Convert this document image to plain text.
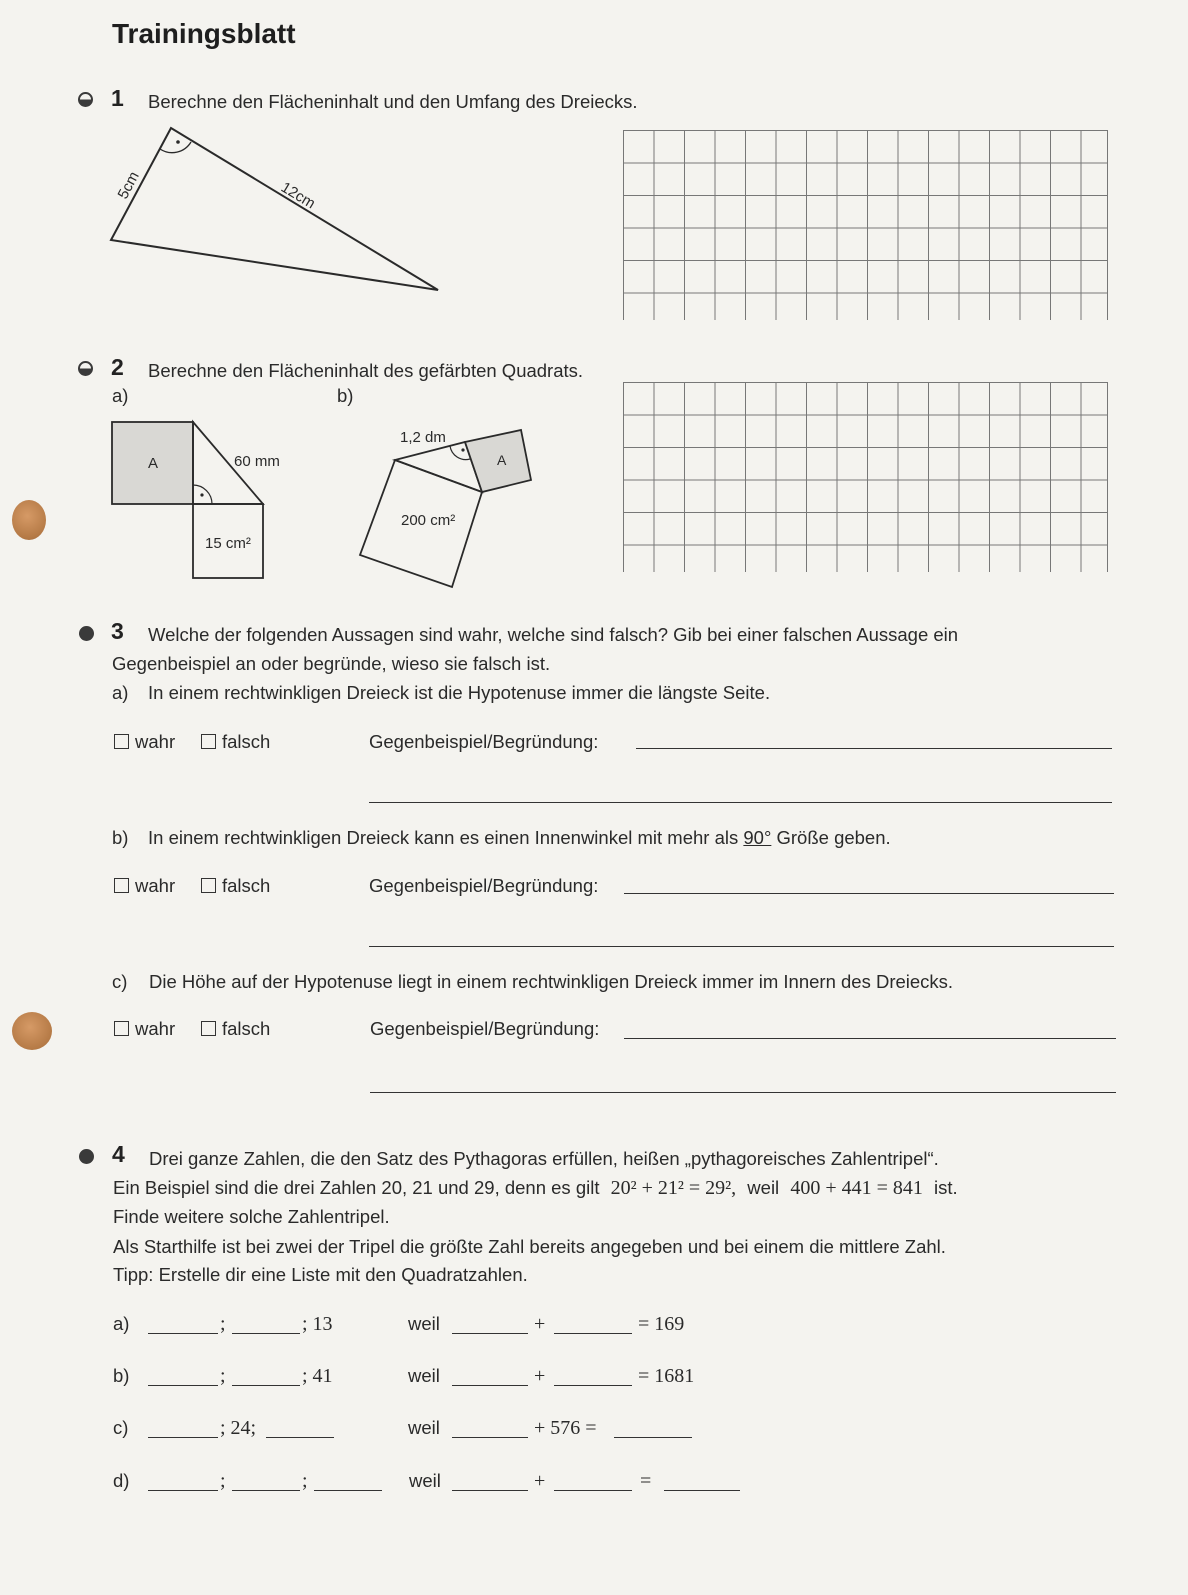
Trainingsblatt
1 Berechne den Flächeninhalt und den Umfang des Dreiecks.
5cm	12cm
2 Berechne den Flächeninhalt des gefärbten Quadrats.
a)	b)
A	60 mm
15 cm²
1,2 dm
A
200 cm²
3 Welche der folgenden Aussagen sind wahr, welche sind falsch? Gib bei einer falschen Aussage ein
Gegenbeispiel an oder begründe, wieso sie falsch ist.
a) In einem rechtwinkligen Dreieck ist die Hypotenuse immer die längste Seite.
wahr	falsch	Gegenbeispiel/Begründung:
b) In einem rechtwinkligen Dreieck kann es einen Innenwinkel mit mehr als 90° Größe geben.
wahr	falsch	Gegenbeispiel/Begründung:
c) Die Höhe auf der Hypotenuse liegt in einem rechtwinkligen Dreieck immer im Innern des Dreiecks.
wahr	falsch	Gegenbeispiel/Begründung:
4 Drei ganze Zahlen, die den Satz des Pythagoras erfüllen, heißen „pythagoreisches Zahlentripel“.
Ein Beispiel sind die drei Zahlen 20, 21 und 29, denn es gilt 20² + 21² = 29², weil 400 + 441 = 841 ist.
Finde weitere solche Zahlentripel.
Als Starthilfe ist bei zwei der Tripel die größte Zahl bereits angegeben und bei einem die mittlere Zahl.
Tipp: Erstelle dir eine Liste mit den Quadratzahlen.
a)	;	; 13	weil	+	= 169
b)	;	; 41	weil	+	= 1681
c)	; 24;	weil	+ 576 =
d)	;	;	weil	+	=
